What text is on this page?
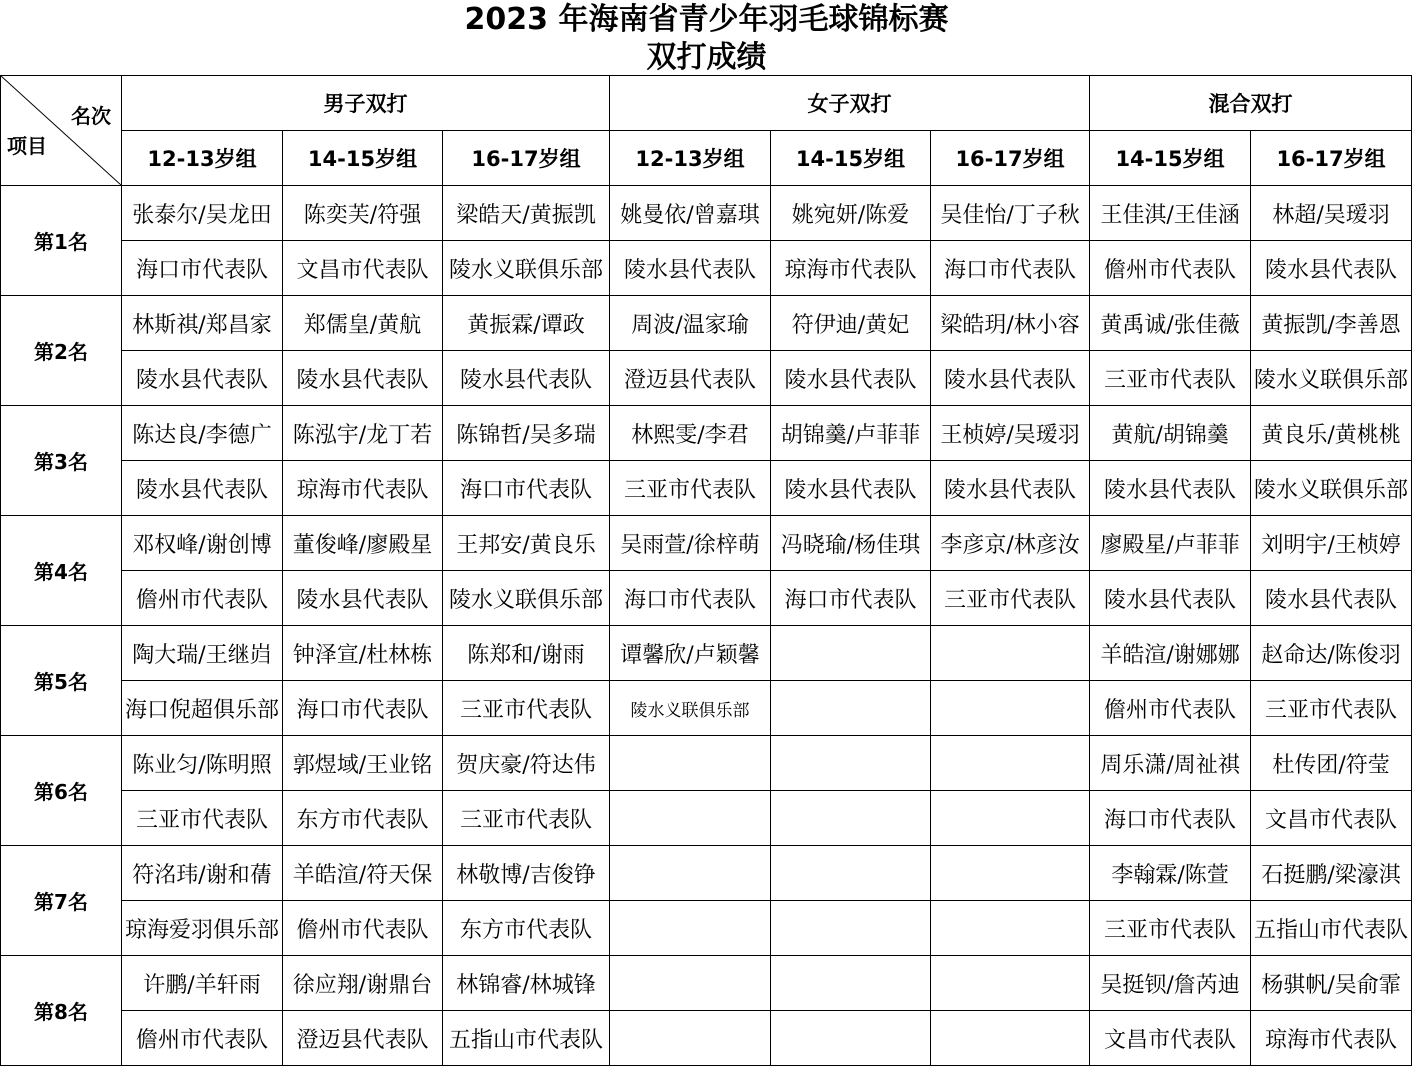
2023 年海南省青少年羽毛球锦标赛
双打成绩
名次
项目	男子双打			女子双打			混合双打	
	12-13岁组	14-15岁组	16-17岁组	12-13岁组	14-15岁组	16-17岁组	14-15岁组	16-17岁组
第1名	张泰尔/吴龙田	陈奕芙/符强	梁皓天/黄振凯	姚曼依/曾嘉琪	姚宛妍/陈爱	吴佳怡/丁子秋	王佳淇/王佳涵	林超/吴瑷羽
	海口市代表队	文昌市代表队	陵水义联俱乐部	陵水县代表队	琼海市代表队	海口市代表队	儋州市代表队	陵水县代表队
第2名	林斯祺/郑昌家	郑儒皇/黄航	黄振霖/谭政	周波/温家瑜	符伊迪/黄妃	梁皓玥/林小容	黄禹诚/张佳薇	黄振凯/李善恩
	陵水县代表队	陵水县代表队	陵水县代表队	澄迈县代表队	陵水县代表队	陵水县代表队	三亚市代表队	陵水义联俱乐部
第3名	陈达良/李德广	陈泓宇/龙丁若	陈锦哲/吴多瑞	林熙雯/李君	胡锦羹/卢菲菲	王桢婷/吴瑷羽	黄航/胡锦羹	黄良乐/黄桃桃
	陵水县代表队	琼海市代表队	海口市代表队	三亚市代表队	陵水县代表队	陵水县代表队	陵水县代表队	陵水义联俱乐部
第4名	邓权峰/谢创博	董俊峰/廖殿星	王邦安/黄良乐	吴雨萱/徐梓萌	冯晓瑜/杨佳琪	李彦京/林彦汝	廖殿星/卢菲菲	刘明宇/王桢婷
	儋州市代表队	陵水县代表队	陵水义联俱乐部	海口市代表队	海口市代表队	三亚市代表队	陵水县代表队	陵水县代表队
第5名	陶大瑞/王继岿	钟泽宣/杜林栋	陈郑和/谢雨	谭馨欣/卢颖馨			羊皓渲/谢娜娜	赵命达/陈俊羽
	海口倪超俱乐部	海口市代表队	三亚市代表队	陵水义联俱乐部			儋州市代表队	三亚市代表队
第6名	陈业匀/陈明照	郭煜域/王业铭	贺庆豪/符达伟				周乐潇/周祉祺	杜传团/符莹
	三亚市代表队	东方市代表队	三亚市代表队				海口市代表队	文昌市代表队
第7名	符洺玮/谢和蒨	羊皓渲/符天保	林敬博/吉俊铮				李翰霖/陈萱	石挺鹏/梁濠淇
	琼海爱羽俱乐部	儋州市代表队	东方市代表队				三亚市代表队	五指山市代表队
第8名	许鹏/羊轩雨	徐应翔/谢鼎台	林锦睿/林城锋				吴挺钡/詹芮迪	杨骐帆/吴俞霏
	儋州市代表队	澄迈县代表队	五指山市代表队				文昌市代表队	琼海市代表队
